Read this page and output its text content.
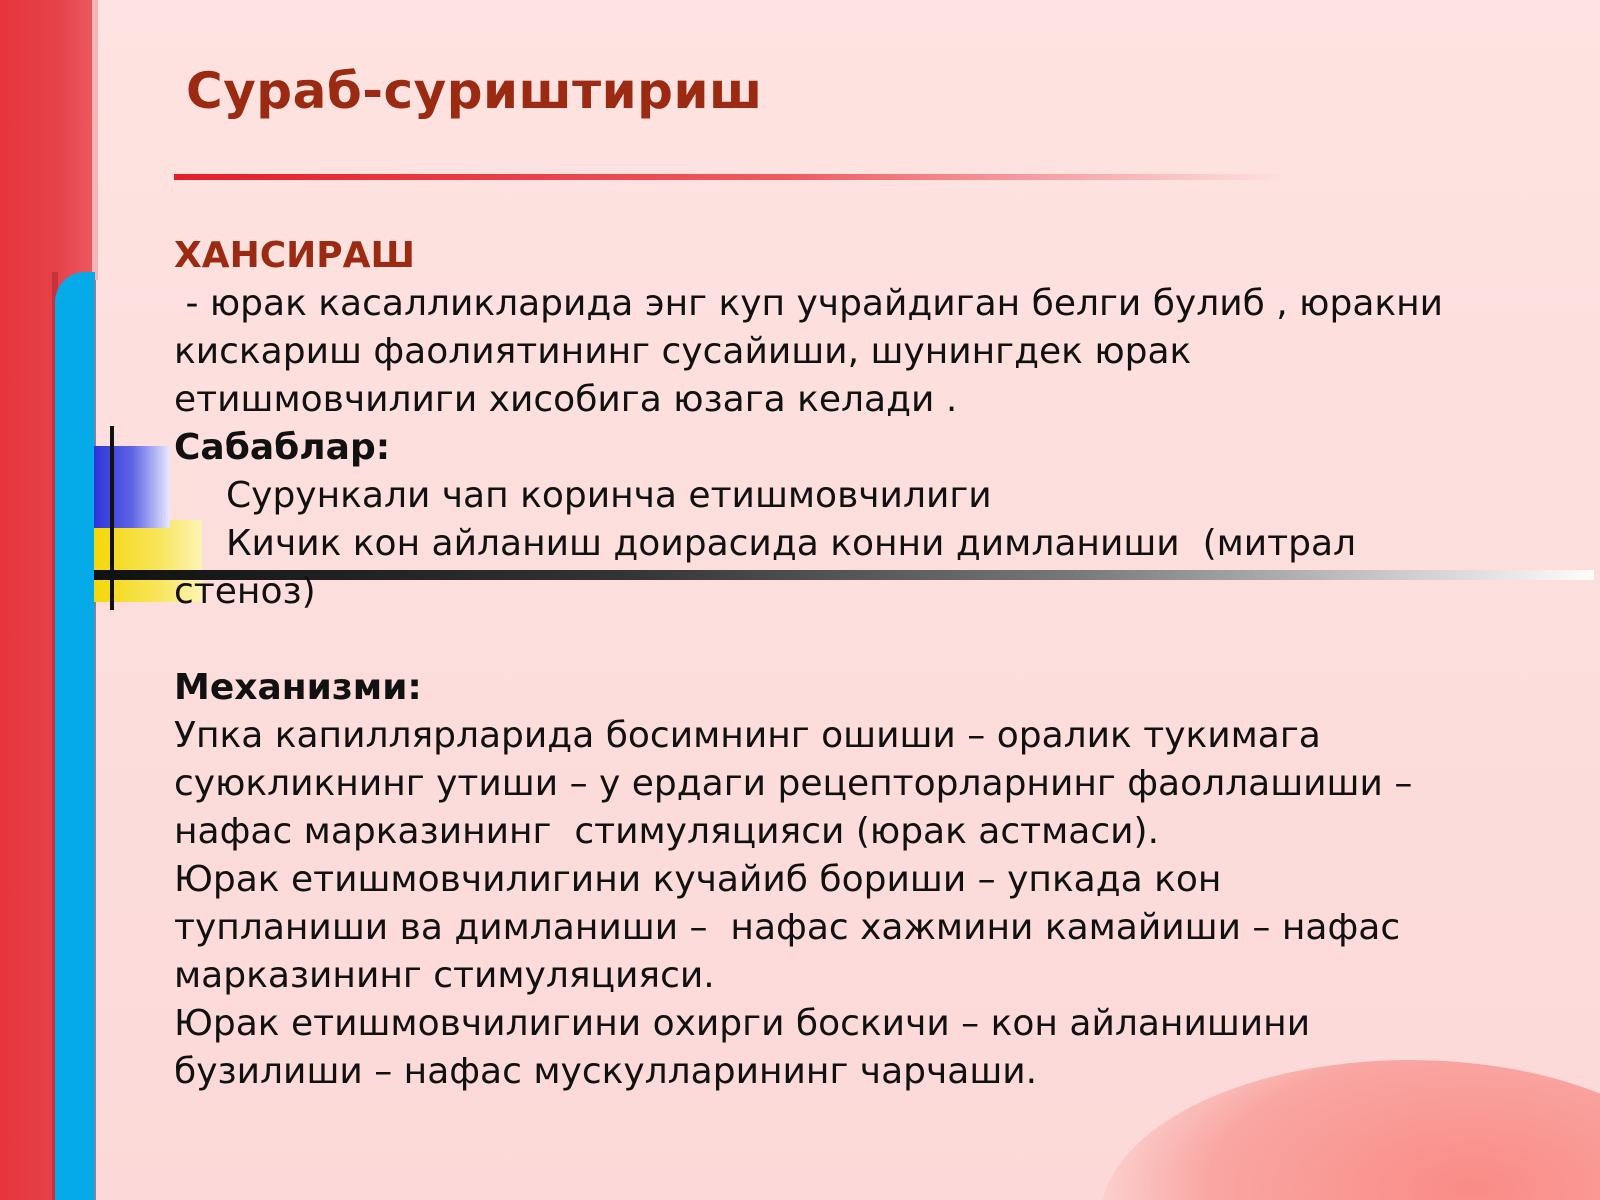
Сураб-суриштириш

ХАНСИРАШ

- юрак касалликларида энг куп учрайдиган белги булиб , юракни

кискариш фаолиятининг сусайиши, шунингдек юрак

етишмовчилиги хисобига юзага келади .

Сабаблар:

Сурункали чап коринча етишмовчилиги

Кичик кон айланиш доирасида конни димланиши  (митрал

стеноз)

Механизми:

Упка капиллярларида босимнинг ошиши – оралик тукимага

суюкликнинг утиши – у ердаги рецепторларнинг фаоллашиши –

нафас марказининг  стимуляцияси (юрак астмаси).

Юрак етишмовчилигини кучайиб бориши – упкада кон

тупланиши ва димланиши –  нафас хажмини камайиши – нафас

марказининг стимуляцияси.

Юрак етишмовчилигини охирги боскичи – кон айланишини

бузилиши – нафас мускулларининг чарчаши.
